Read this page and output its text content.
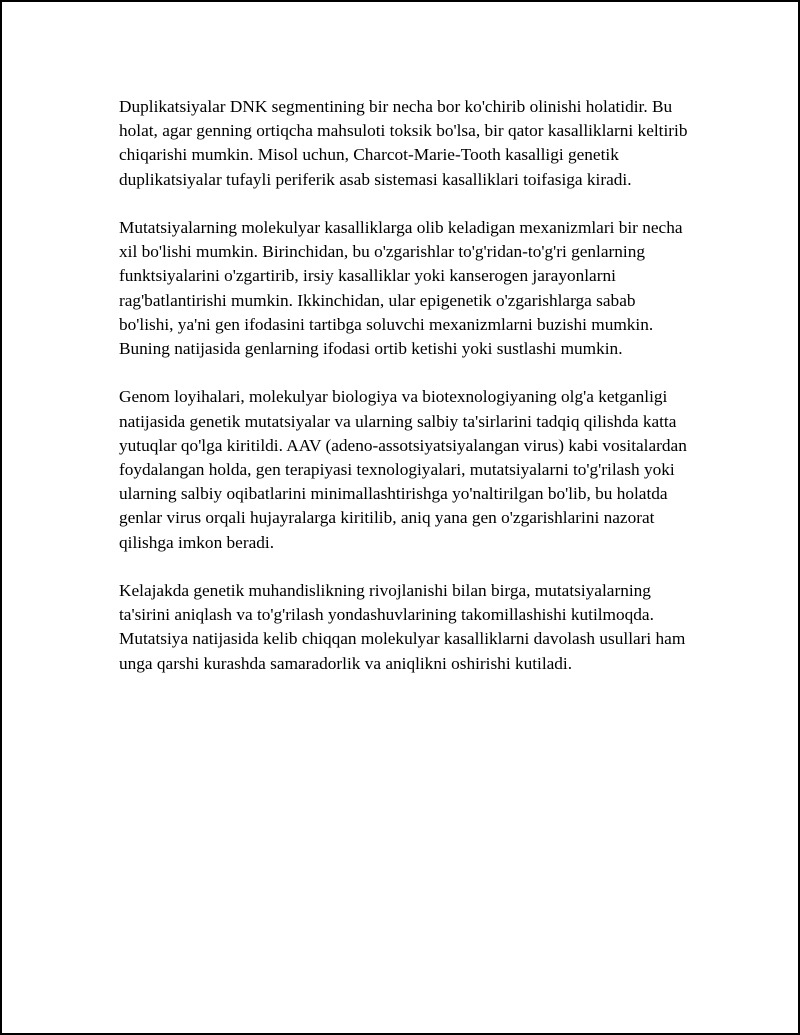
Duplikatsiyalar DNK segmentining bir necha bor ko'chirib olinishi holatidir. Bu holat, agar genning ortiqcha mahsuloti toksik bo'lsa, bir qator kasalliklarni keltirib chiqarishi mumkin. Misol uchun, Charcot-Marie-Tooth kasalligi genetik duplikatsiyalar tufayli periferik asab sistemasi kasalliklari toifasiga kiradi.

Mutatsiyalarning molekulyar kasalliklarga olib keladigan mexanizmlari bir necha xil bo'lishi mumkin. Birinchidan, bu o'zgarishlar to'g'ridan-to'g'ri genlarning funktsiyalarini o'zgartirib, irsiy kasalliklar yoki kanserogen jarayonlarni rag'batlantirishi mumkin. Ikkinchidan, ular epigenetik o'zgarishlarga sabab bo'lishi, ya'ni gen ifodasini tartibga soluvchi mexanizmlarni buzishi mumkin. Buning natijasida genlarning ifodasi ortib ketishi yoki sustlashi mumkin.

Genom loyihalari, molekulyar biologiya va biotexnologiyaning olg'a ketganligi natijasida genetik mutatsiyalar va ularning salbiy ta'sirlarini tadqiq qilishda katta yutuqlar qo'lga kiritildi. AAV (adeno-assotsiyatsiyalangan virus) kabi vositalardan foydalangan holda, gen terapiyasi texnologiyalari, mutatsiyalarni to'g'rilash yoki ularning salbiy oqibatlarini minimallashtirishga yo'naltirilgan bo'lib, bu holatda genlar virus orqali hujayralarga kiritilib, aniq yana gen o'zgarishlarini nazorat qilishga imkon beradi.

Kelajakda genetik muhandislikning rivojlanishi bilan birga, mutatsiyalarning ta'sirini aniqlash va to'g'rilash yondashuvlarining takomillashishi kutilmoqda. Mutatsiya natijasida kelib chiqqan molekulyar kasalliklarni davolash usullari ham unga qarshi kurashda samaradorlik va aniqlikni oshirishi kutiladi.
